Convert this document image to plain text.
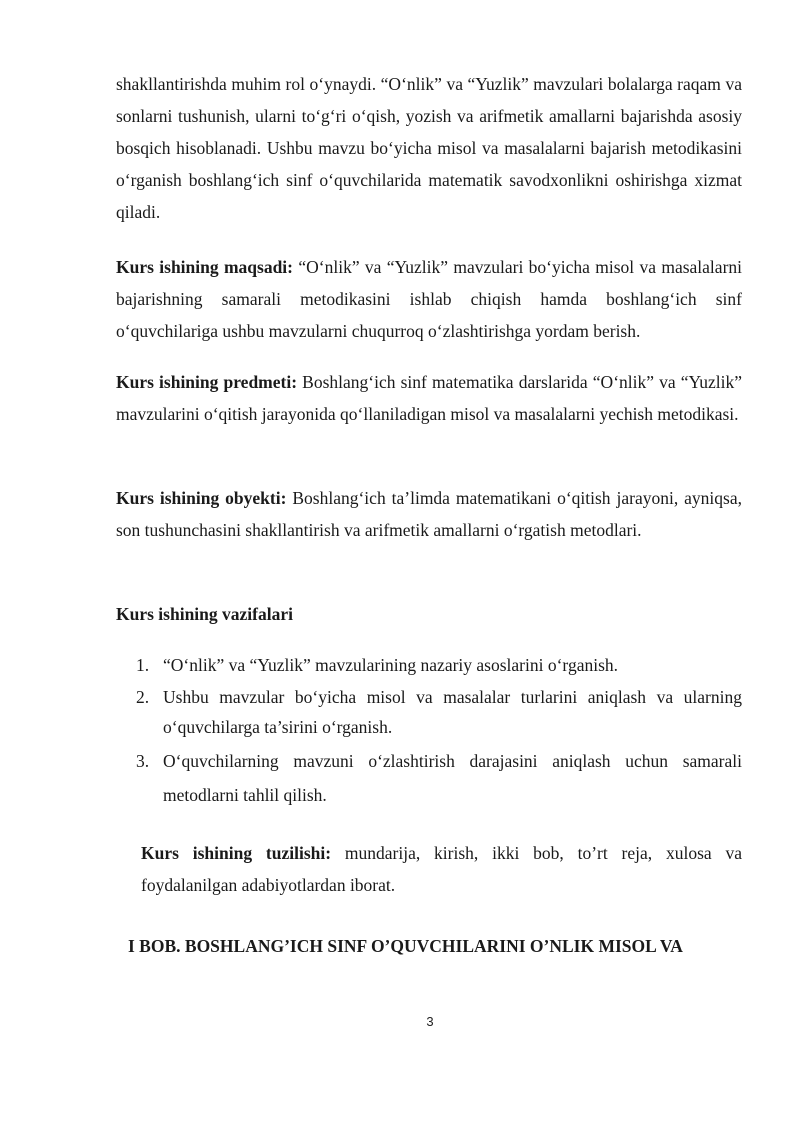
shakllantirishda muhim rol o‘ynaydi. “O‘nlik” va “Yuzlik” mavzulari bolalarga raqam va sonlarni tushunish, ularni to‘g‘ri o‘qish, yozish va arifmetik amallarni bajarishda asosiy bosqich hisoblanadi. Ushbu mavzu bo‘yicha misol va masalalarni bajarish metodikasini o‘rganish boshlang‘ich sinf o‘quvchilarida matematik savodxonlikni oshirishga xizmat qiladi.

Kurs ishining maqsadi: “O‘nlik” va “Yuzlik” mavzulari bo‘yicha misol va masalalarni bajarishning samarali metodikasini ishlab chiqish hamda boshlang‘ich sinf o‘quvchilariga ushbu mavzularni chuqurroq o‘zlashtirishga yordam berish.

Kurs ishining predmeti: Boshlang‘ich sinf matematika darslarida “O‘nlik” va “Yuzlik” mavzularini o‘qitish jarayonida qo‘llaniladigan misol va masalalarni yechish metodikasi.

Kurs ishining obyekti: Boshlang‘ich ta’limda matematikani o‘qitish jarayoni, ayniqsa, son tushunchasini shakllantirish va arifmetik amallarni o‘rgatish metodlari.

Kurs ishining vazifalari

1. “O‘nlik” va “Yuzlik” mavzularining nazariy asoslarini o‘rganish.
2. Ushbu mavzular bo‘yicha misol va masalalar turlarini aniqlash va ularning o‘quvchilarga ta’sirini o‘rganish.
3. O‘quvchilarning mavzuni o‘zlashtirish darajasini aniqlash uchun samarali metodlarni tahlil qilish.

Kurs ishining tuzilishi: mundarija, kirish, ikki bob, to’rt reja, xulosa va foydalanilgan adabiyotlardan iborat.

I BOB. BOSHLANG’ICH SINF O’QUVCHILARINI O’NLIK MISOL VA

3
